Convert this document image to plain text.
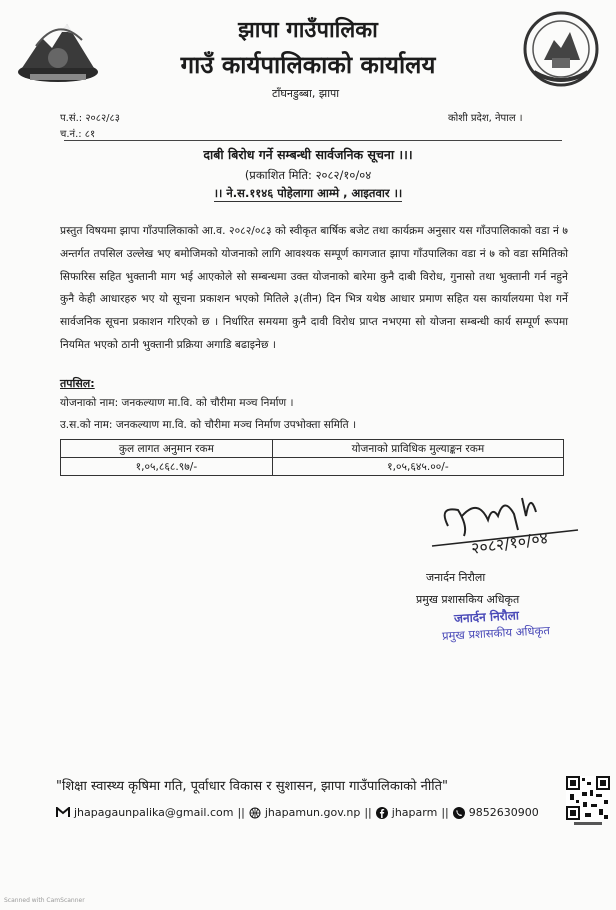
झापा गाउँपालिका
गाउँ कार्यपालिकाको कार्यालय
टाँघनडुब्बा, झापा
प.सं.: २०८२/८३
च.नं.: ८१
कोशी प्रदेश, नेपाल ।
दाबी बिरोध गर्ने सम्बन्धी सार्वजनिक सूचना ।।।
(प्रकाशित मिति: २०८२/१०/०४
।। ने.स.११४६ पोहेलागा आम्मे , आइतवार ।।
प्रस्तुत विषयमा झापा गाँउपालिकाको आ.व. २०८२/०८३ को स्वीकृत बार्षिक बजेट तथा कार्यक्रम अनुसार यस गाँउपालिकाको वडा नं ७ अन्तर्गत तपसिल उल्लेख भए बमोजिमको योजनाको लागि आवश्यक सम्पूर्ण कागजात झापा गाँउपालिका वडा नं ७ को वडा समितिको सिफारिस सहित भुक्तानी माग भई आएकोले सो सम्बन्धमा उक्त योजनाको बारेमा कुनै दाबी विरोध, गुनासो तथा भुक्तानी गर्न नहुने कुनै केही आधारहरु भए यो सूचना प्रकाशन भएको मितिले ३(तीन) दिन भित्र यथेष्ठ आधार प्रमाण सहित यस कार्यालयमा पेश गर्ने सार्वजनिक सूचना प्रकाशन गरिएको छ । निर्धारित समयमा कुनै दावी विरोध प्राप्त नभएमा सो योजना सम्बन्धी कार्य सम्पूर्ण रूपमा नियमित भएको ठानी भुक्तानी प्रक्रिया अगाडि बढाइनेछ ।
तपसिल:
योजनाको नाम: जनकल्याण मा.वि. को चौरीमा मञ्च निर्माण ।
उ.स.को नाम: जनकल्याण मा.वि. को चौरीमा मञ्च निर्माण उपभोक्ता समिति ।
कुल लागत अनुमान रकम	योजनाको प्राविधिक मुल्याङ्कन रकम
१,०५,८६८.९७/-	१,०५,६४५.००/-
२०८२/१०/०४
जनार्दन निरौला
प्रमुख प्रशासकिय अधिकृत
जनार्दन निरौला
प्रमुख प्रशासकीय अधिकृत
"शिक्षा स्वास्थ्य कृषिमा गति, पूर्वाधार विकास र सुशासन, झापा गाउँपालिकाको नीति"
jhapagaunpalika@gmail.com || jhapamun.gov.np || jhaparm || 9852630900
Scanned with CamScanner
